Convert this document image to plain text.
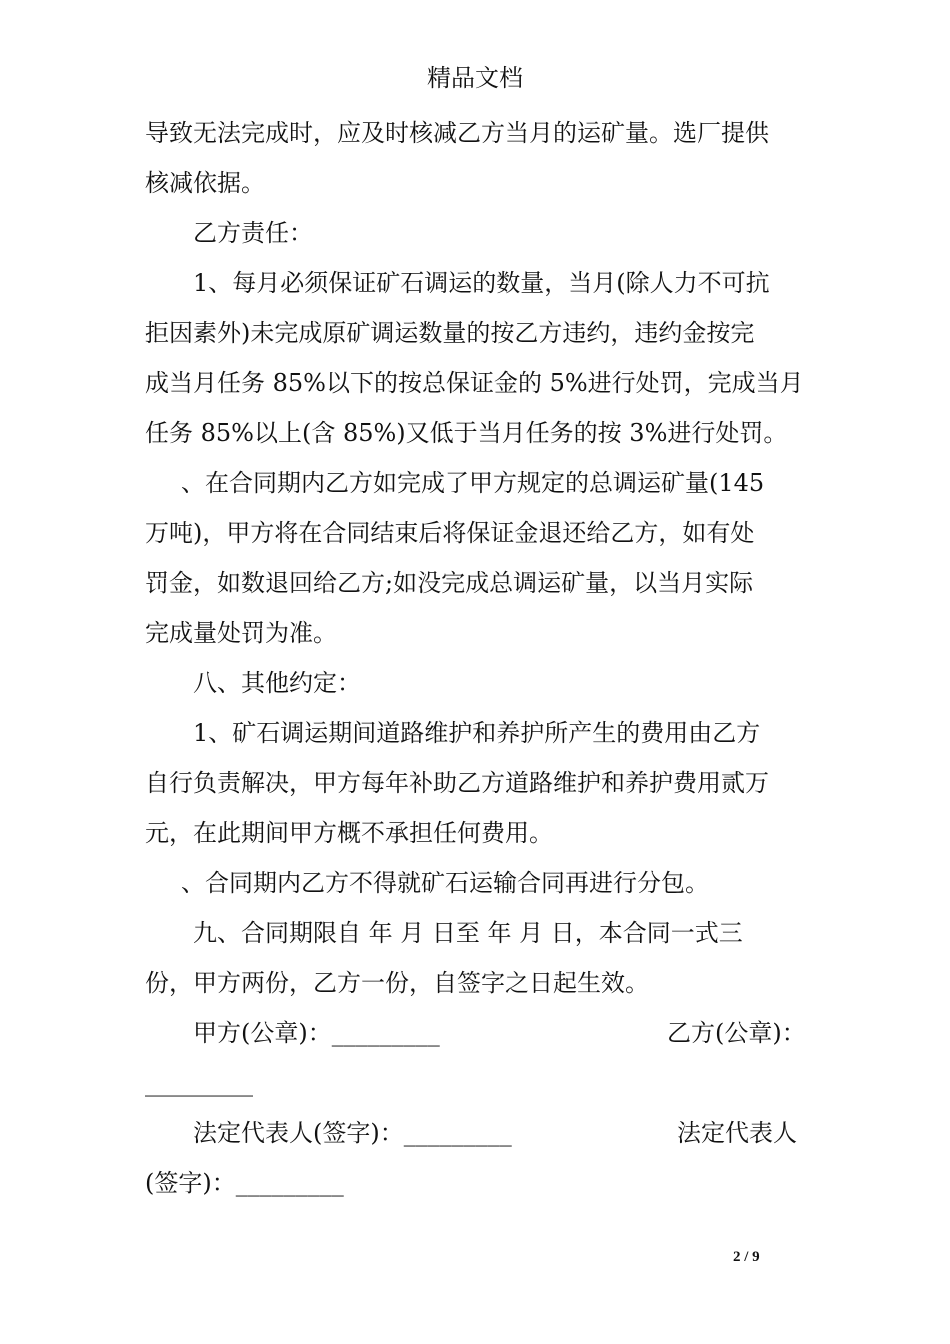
精品文档
导致无法完成时，应及时核减乙方当月的运矿量。选厂提供
核减依据。
乙方责任：
1、每月必须保证矿石调运的数量，当月(除人力不可抗
拒因素外)未完成原矿调运数量的按乙方违约，违约金按完
成当月任务 85%以下的按总保证金的 5%进行处罚，完成当月
任务 85%以上(含 85%)又低于当月任务的按 3%进行处罚。
、在合同期内乙方如完成了甲方规定的总调运矿量(145
万吨)，甲方将在合同结束后将保证金退还给乙方，如有处
罚金，如数退回给乙方;如没完成总调运矿量，以当月实际
完成量处罚为准。
八、其他约定：
1、矿石调运期间道路维护和养护所产生的费用由乙方
自行负责解决，甲方每年补助乙方道路维护和养护费用贰万
元，在此期间甲方概不承担任何费用。
、合同期内乙方不得就矿石运输合同再进行分包。
九、合同期限自 年 月 日至 年 月 日，本合同一式三
份，甲方两份，乙方一份，自签字之日起生效。
甲方(公章)：_________	乙方(公章)：
_________
法定代表人(签字)：_________	法定代表人
(签字)：_________
2 / 9
